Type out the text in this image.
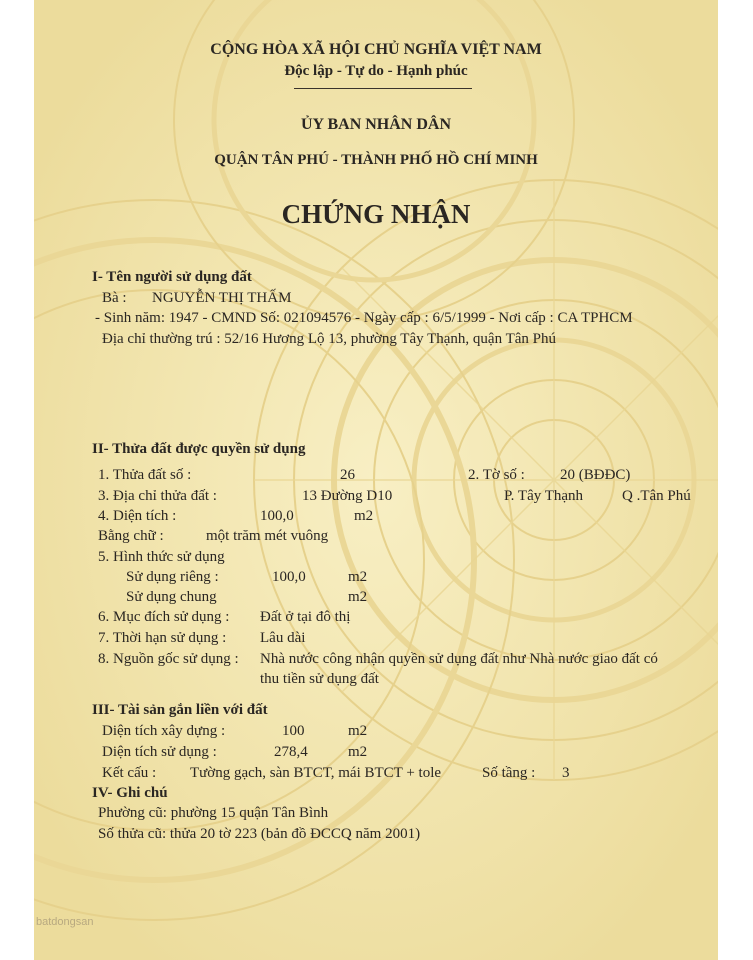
batdongsan
CỘNG HÒA XÃ HỘI CHỦ NGHĨA VIỆT NAM
Độc lập - Tự do - Hạnh phúc
ỦY BAN NHÂN DÂN
QUẬN TÂN PHÚ - THÀNH PHỐ HỒ CHÍ MINH
CHỨNG NHẬN
I- Tên người sử dụng đất
Bà : NGUYỄN THỊ THẤM
- Sinh năm: 1947 - CMND Số: 021094576 - Ngày cấp : 6/5/1999 - Nơi cấp : CA TPHCM
Địa chỉ thường trú : 52/16 Hương Lộ 13, phường Tây Thạnh, quận Tân Phú
II- Thửa đất được quyền sử dụng
1. Thửa đất số :	26	2. Tờ số : 20 (BĐĐC)
3. Địa chỉ thửa đất :	13 Đường D10	P. Tây Thạnh	Q .Tân Phú
4. Diện tích :	100,0	m2
Bằng chữ :	một trăm mét vuông
5. Hình thức sử dụng
Sử dụng riêng :	100,0	m2
Sử dụng chung	m2
6. Mục đích sử dụng : Đất ở tại đô thị
7. Thời hạn sử dụng : Lâu dài
8. Nguồn gốc sử dụng : Nhà nước công nhận quyền sử dụng đất như Nhà nước giao đất có
thu tiền sử dụng đất
III- Tài sản gắn liền với đất
Diện tích xây dựng :	100	m2
Diện tích sử dụng :	278,4	m2
Kết cấu : Tường gạch, sàn BTCT, mái BTCT + tole	Số tầng : 3
IV- Ghi chú
Phường cũ: phường 15 quận Tân Bình
Số thửa cũ: thửa 20 tờ 223 (bản đồ ĐCCQ năm 2001)
